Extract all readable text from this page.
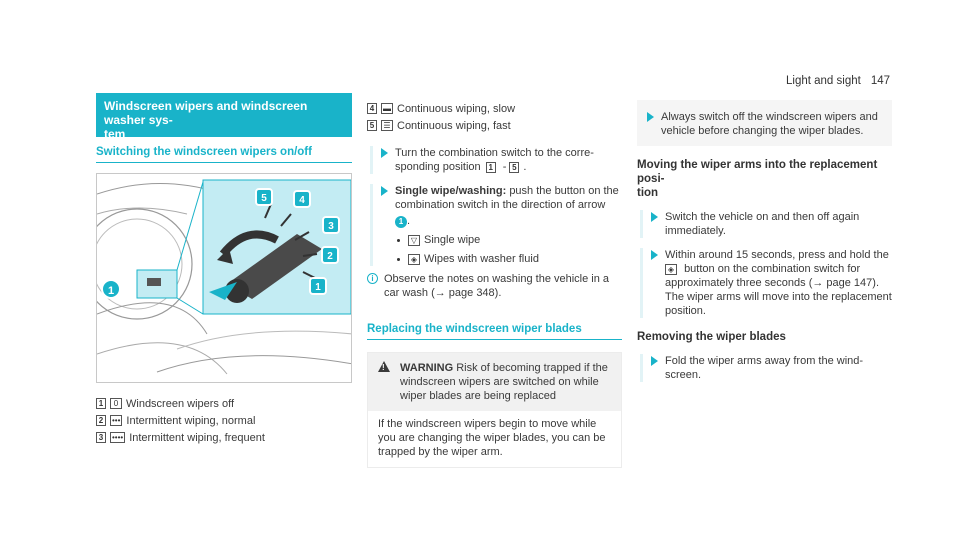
Light and sight 147
Windscreen wipers and windscreen washer sys-
tem
Switching the windscreen wipers on/off
1	1
2
3
4
5
1	0 Windscreen wipers off
2	••• Intermittent wiping, normal
3	•••• Intermittent wiping, frequent
4	▬ Continuous wiping, slow
5	☰ Continuous wiping, fast
Turn the combination switch to the corre-
sponding position 1 - 5 .
Single wipe/washing: push the button on the combination switch in the direction of arrow
1 .
▽ Single wipe
◈ Wipes with washer fluid
i Observe the notes on washing the vehicle in a car wash (→ page 348).
Replacing the windscreen wiper blades
!
WARNING Risk of becoming trapped if the windscreen wipers are switched on while wiper blades are being replaced
If the windscreen wipers begin to move while you are changing the wiper blades, you can be trapped by the wiper arm.
Always switch off the windscreen wipers and vehicle before changing the wiper blades.
Moving the wiper arms into the replacement posi-
tion
Switch the vehicle on and then off again immediately.
Within around 15 seconds, press and hold the ◈ button on the combination switch for approximately three seconds (→ page 147). The wiper arms will move into the replacement position.
Removing the wiper blades
Fold the wiper arms away from the wind-
screen.
